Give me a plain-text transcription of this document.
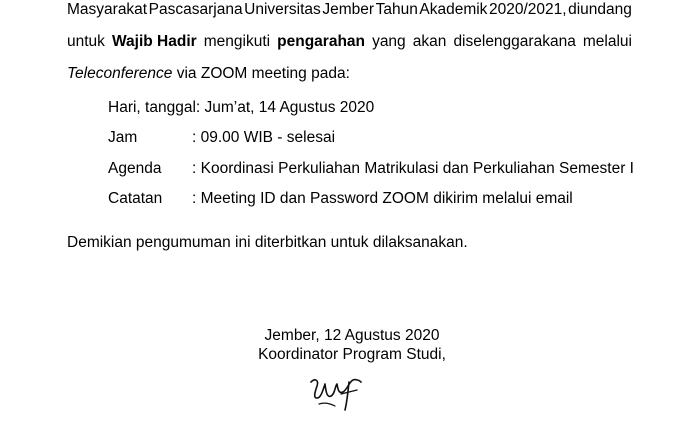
Masyarakat Pascasarjana Universitas Jember Tahun Akademik 2020/2021, diundang
untuk Wajib Hadir mengikuti pengarahan yang akan diselenggarakana melalui
Teleconference via ZOOM meeting pada:
Hari, tanggal: Jum’at, 14 Agustus 2020
Jam	: 09.00 WIB - selesai
Agenda : Koordinasi Perkuliahan Matrikulasi dan Perkuliahan Semester I
Catatan : Meeting ID dan Password ZOOM dikirim melalui email
Demikian pengumuman ini diterbitkan untuk dilaksanakan.
Jember, 12 Agustus 2020
Koordinator Program Studi,
